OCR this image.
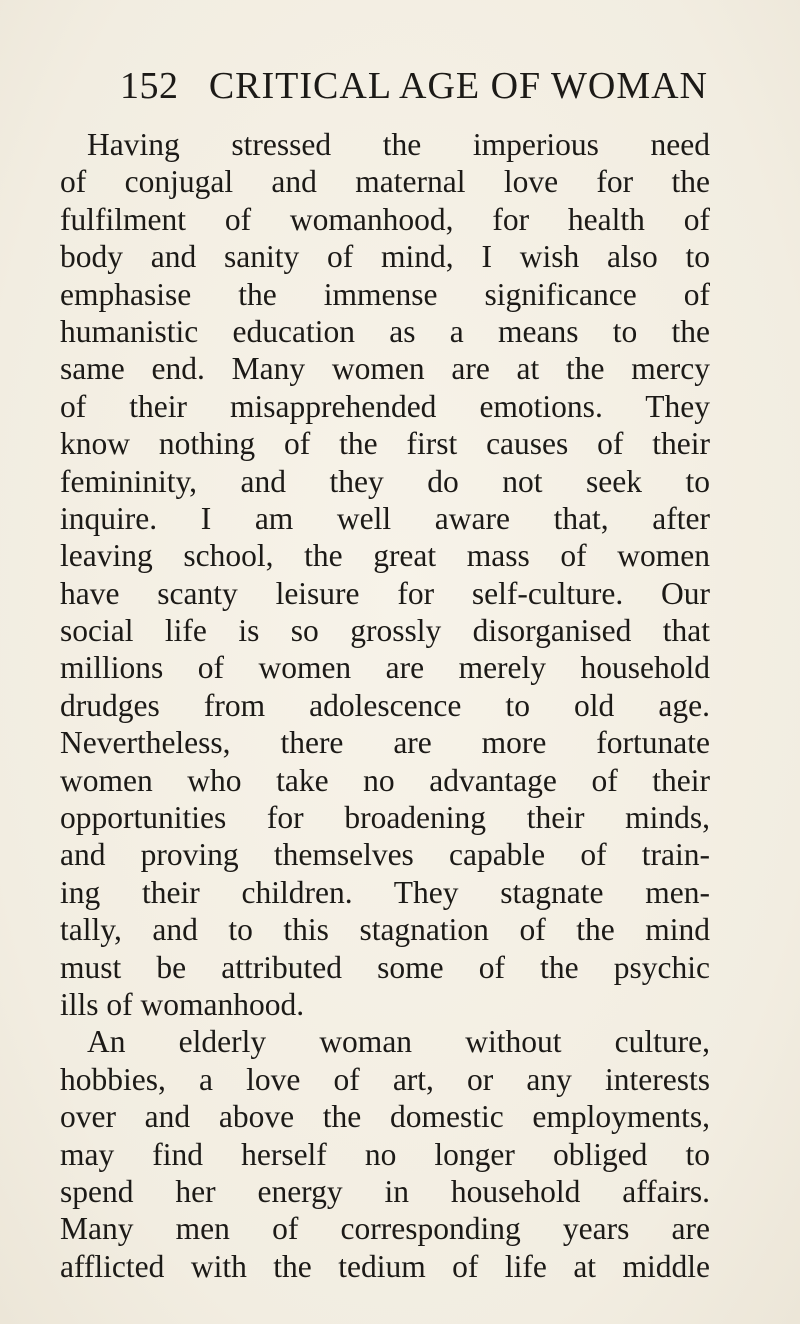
152 CRITICAL AGE OF WOMAN
Having stressed the imperious need
of conjugal and maternal love for the
fulfilment of womanhood, for health of
body and sanity of mind, I wish also to
emphasise the immense significance of
humanistic education as a means to the
same end. Many women are at the mercy
of their misapprehended emotions. They
know nothing of the first causes of their
femininity, and they do not seek to
inquire. I am well aware that, after
leaving school, the great mass of women
have scanty leisure for self-culture. Our
social life is so grossly disorganised that
millions of women are merely household
drudges from adolescence to old age.
Nevertheless, there are more fortunate
women who take no advantage of their
opportunities for broadening their minds,
and proving themselves capable of train-
ing their children. They stagnate men-
tally, and to this stagnation of the mind
must be attributed some of the psychic
ills of womanhood.
An elderly woman without culture,
hobbies, a love of art, or any interests
over and above the domestic employments,
may find herself no longer obliged to
spend her energy in household affairs.
Many men of corresponding years are
afflicted with the tedium of life at middle
